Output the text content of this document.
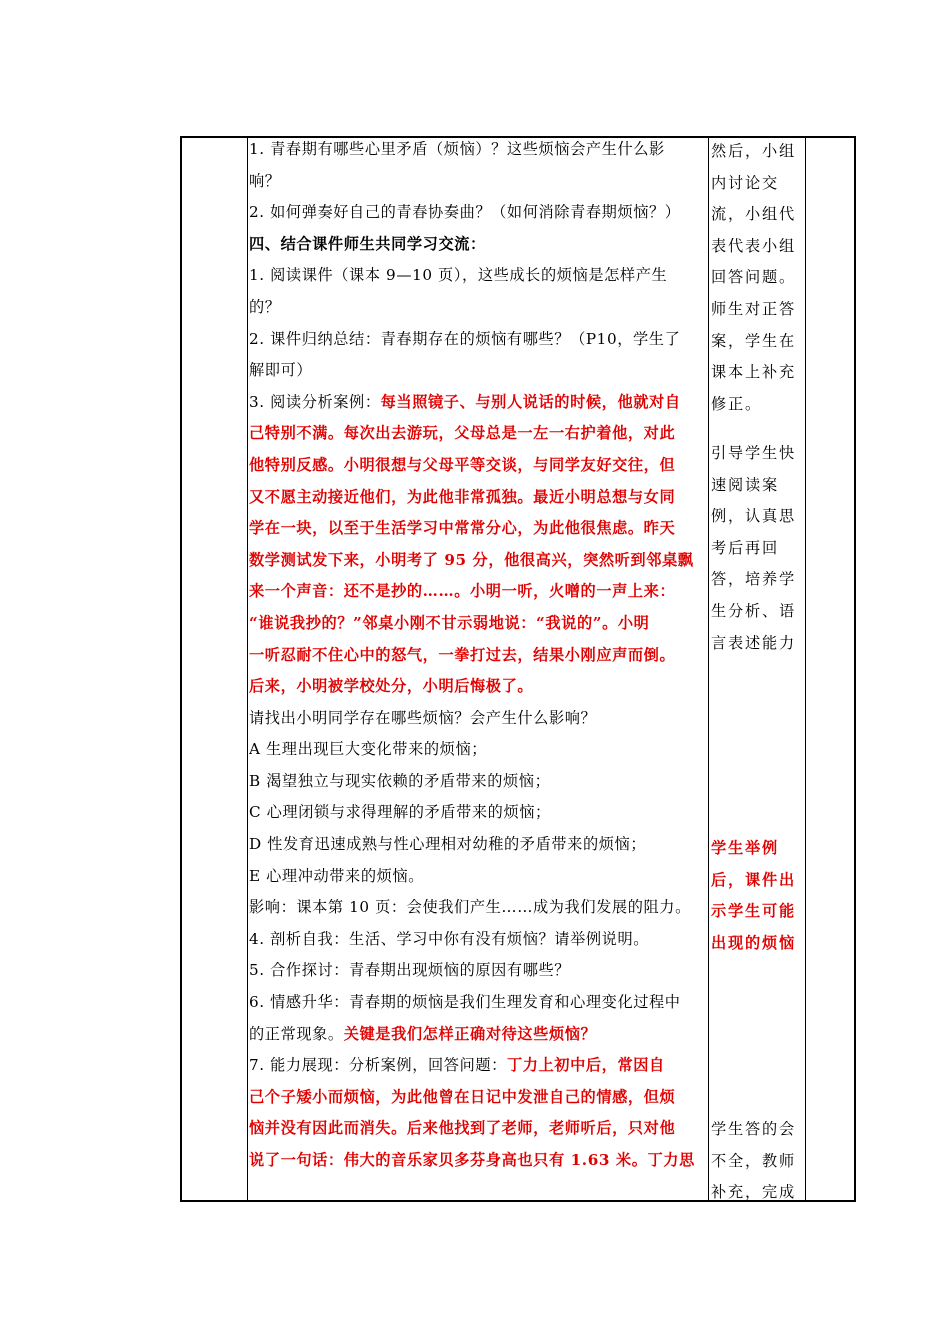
1. 青春期有哪些心里矛盾（烦恼）？这些烦恼会产生什么影
响？
2. 如何弹奏好自己的青春协奏曲？（如何消除青春期烦恼？）
四、结合课件师生共同学习交流：
1. 阅读课件（课本 9—10 页），这些成长的烦恼是怎样产生
的？
2. 课件归纳总结：青春期存在的烦恼有哪些？（P10，学生了
解即可）
3. 阅读分析案例：每当照镜子、与别人说话的时候，他就对自
己特别不满。每次出去游玩，父母总是一左一右护着他，对此
他特别反感。小明很想与父母平等交谈，与同学友好交往，但
又不愿主动接近他们，为此他非常孤独。最近小明总想与女同
学在一块，以至于生活学习中常常分心，为此他很焦虑。昨天
数学测试发下来，小明考了 95 分，他很高兴，突然听到邻桌飘
来一个声音：还不是抄的……。小明一听，火噌的一声上来：
“谁说我抄的？”邻桌小刚不甘示弱地说：“我说的”。小明
一听忍耐不住心中的怒气，一拳打过去，结果小刚应声而倒。
后来，小明被学校处分，小明后悔极了。
请找出小明同学存在哪些烦恼？会产生什么影响？
A 生理出现巨大变化带来的烦恼；
B 渴望独立与现实依赖的矛盾带来的烦恼；
C 心理闭锁与求得理解的矛盾带来的烦恼；
D 性发育迅速成熟与性心理相对幼稚的矛盾带来的烦恼；
E 心理冲动带来的烦恼。
影响：课本第 10 页：会使我们产生……成为我们发展的阻力。
4. 剖析自我：生活、学习中你有没有烦恼？请举例说明。
5. 合作探讨：青春期出现烦恼的原因有哪些？
6. 情感升华：青春期的烦恼是我们生理发育和心理变化过程中
的正常现象。关键是我们怎样正确对待这些烦恼？
7. 能力展现：分析案例，回答问题：丁力上初中后，常因自
己个子矮小而烦恼，为此他曾在日记中发泄自己的情感，但烦
恼并没有因此而消失。后来他找到了老师，老师听后，只对他
说了一句话：伟大的音乐家贝多芬身高也只有 1.63 米。丁力思
然后，小组
内讨论交
流，小组代
表代表小组
回答问题。
师生对正答
案，学生在
课本上补充
修正。
引导学生快
速阅读案
例，认真思
考后再回
答，培养学
生分析、语
言表述能力
学生举例
后，课件出
示学生可能
出现的烦恼
学生答的会
不全，教师
补充，完成
